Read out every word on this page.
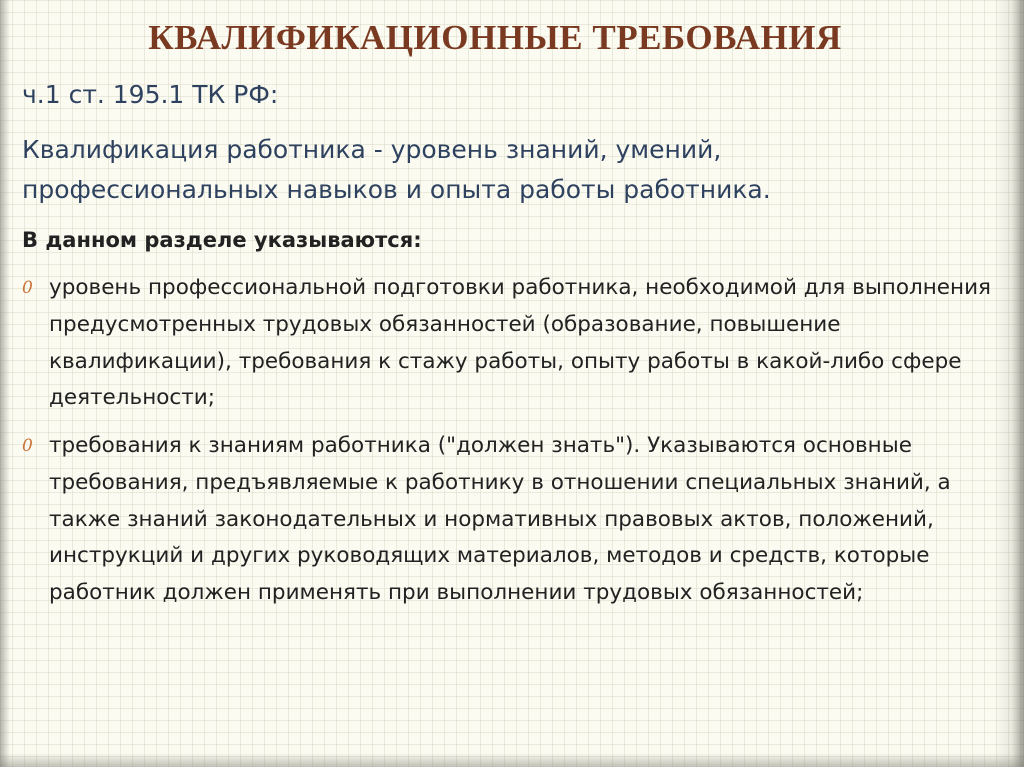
КВАЛИФИКАЦИОННЫЕ ТРЕБОВАНИЯ
ч.1 ст. 195.1 ТК РФ:
Квалификация работника - уровень знаний, умений, профессиональных навыков и опыта работы работника.
В данном разделе указываются:
0 уровень профессиональной подготовки работника, необходимой для выполнения предусмотренных трудовых обязанностей (образование, повышение квалификации), требования к стажу работы, опыту работы в какой-либо сфере деятельности;
0 требования к знаниям работника ("должен знать"). Указываются основные требования, предъявляемые к работнику в отношении специальных знаний, а также знаний законодательных и нормативных правовых актов, положений, инструкций и других руководящих материалов, методов и средств, которые работник должен применять при выполнении трудовых обязанностей;
